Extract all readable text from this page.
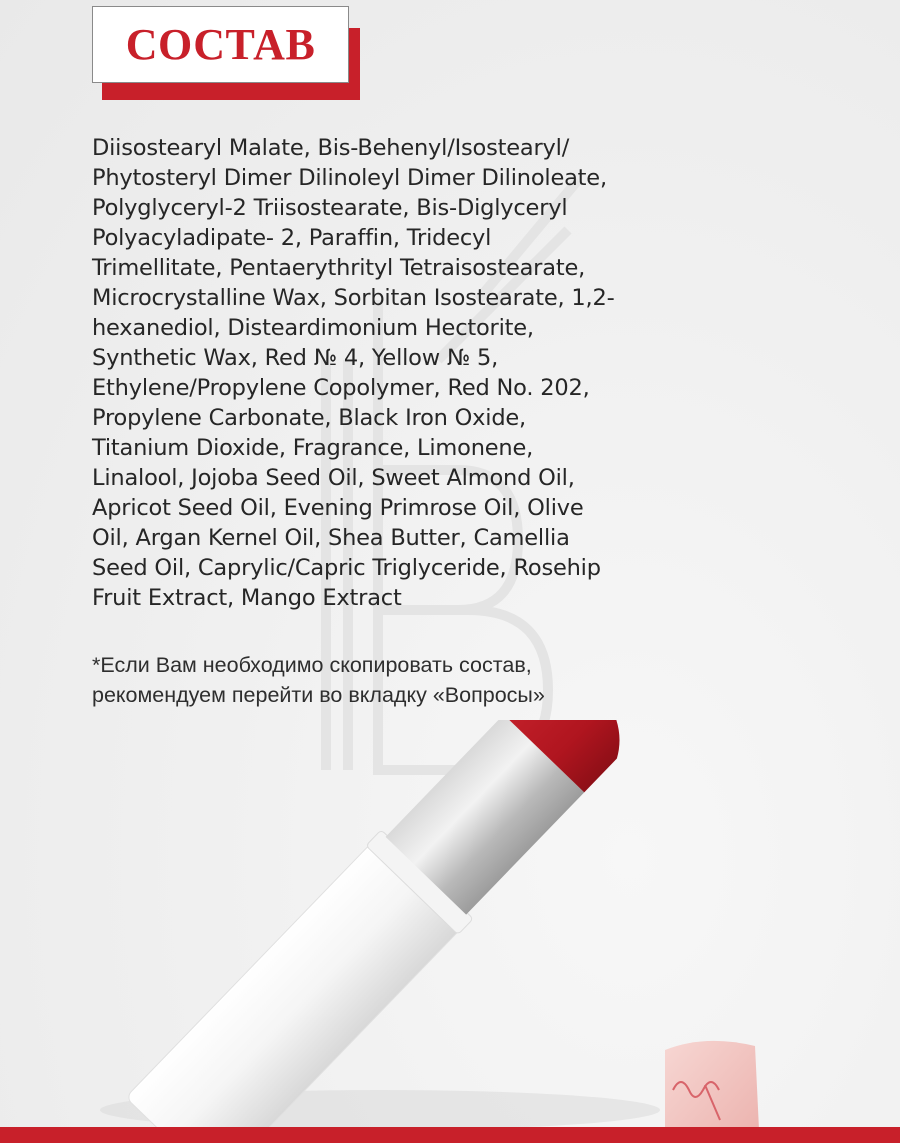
СОСТАВ
Diisostearyl Malate, Bis-Behenyl/Isostearyl/
Phytosteryl Dimer Dilinoleyl Dimer Dilinoleate,
Polyglyceryl-2 Triisostearate, Bis-Diglyceryl
Polyacyladipate- 2, Paraffin, Tridecyl
Trimellitate, Pentaerythrityl Tetraisostearate,
Microcrystalline Wax, Sorbitan Isostearate, 1,2-
hexanediol, Disteardimonium Hectorite,
Synthetic Wax, Red № 4, Yellow № 5,
Ethylene/Propylene Copolymer, Red No. 202,
Propylene Carbonate, Black Iron Oxide,
Titanium Dioxide, Fragrance, Limonene,
Linalool, Jojoba Seed Oil, Sweet Almond Oil,
Apricot Seed Oil, Evening Primrose Oil, Olive
Oil, Argan Kernel Oil, Shea Butter, Camellia
Seed Oil, Caprylic/Capric Triglyceride, Rosehip
Fruit Extract, Mango Extract
*Если Вам необходимо скопировать состав,
рекомендуем перейти во вкладку «Вопросы»
